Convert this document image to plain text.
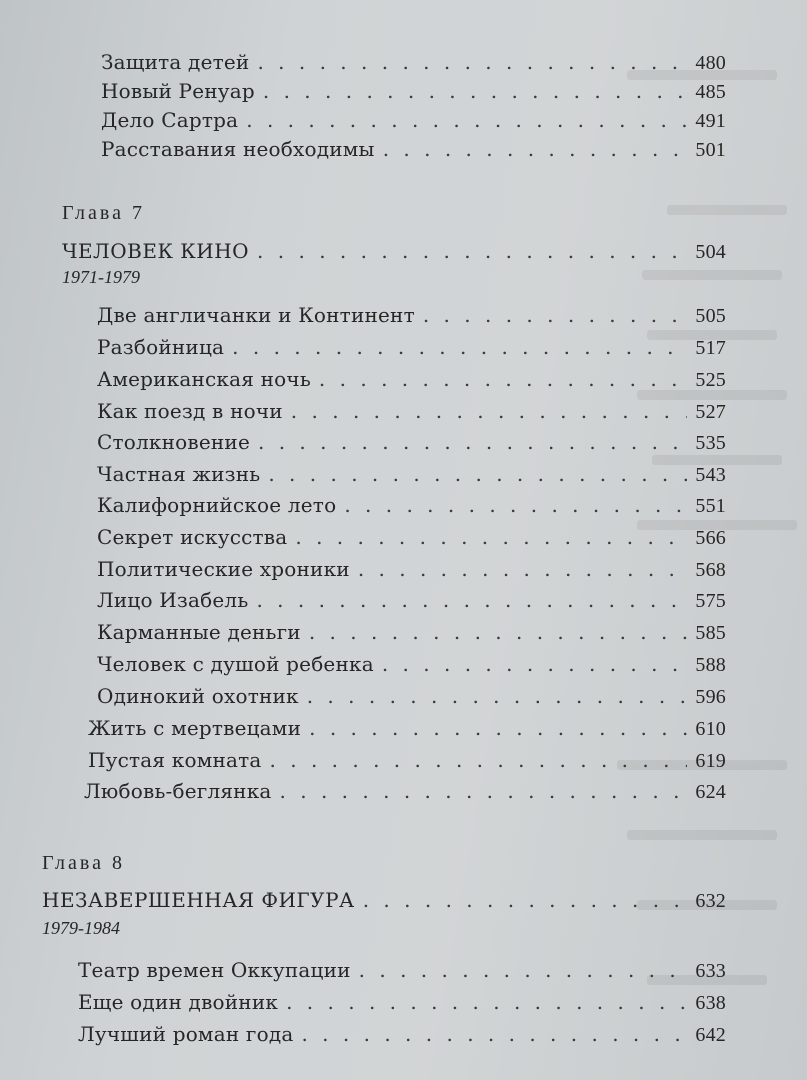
Защита детей . . .	480
Новый Ренуар . . .	485
Дело Сартра . . .	491
Расставания необходимы . . .	501
Глава 7
ЧЕЛОВЕК КИНО . . .	504
1971-1979
Две англичанки и Континент . . .	505
Разбойница . . .	517
Американская ночь . . .	525
Как поезд в ночи . . .	527
Столкновение . . .	535
Частная жизнь . . .	543
Калифорнийское лето . . .	551
Секрет искусства . . .	566
Политические хроники . . .	568
Лицо Изабель . . .	575
Карманные деньги . . .	585
Человек с душой ребенка . . .	588
Одинокий охотник . . .	596
Жить с мертвецами . . .	610
Пустая комната . . .	619
Любовь-беглянка . . .	624
Глава 8
НЕЗАВЕРШЕННАЯ ФИГУРА . . .	632
1979-1984
Театр времен Оккупации . . .	633
Еще один двойник . . .	638
Лучший роман года . . .	642
